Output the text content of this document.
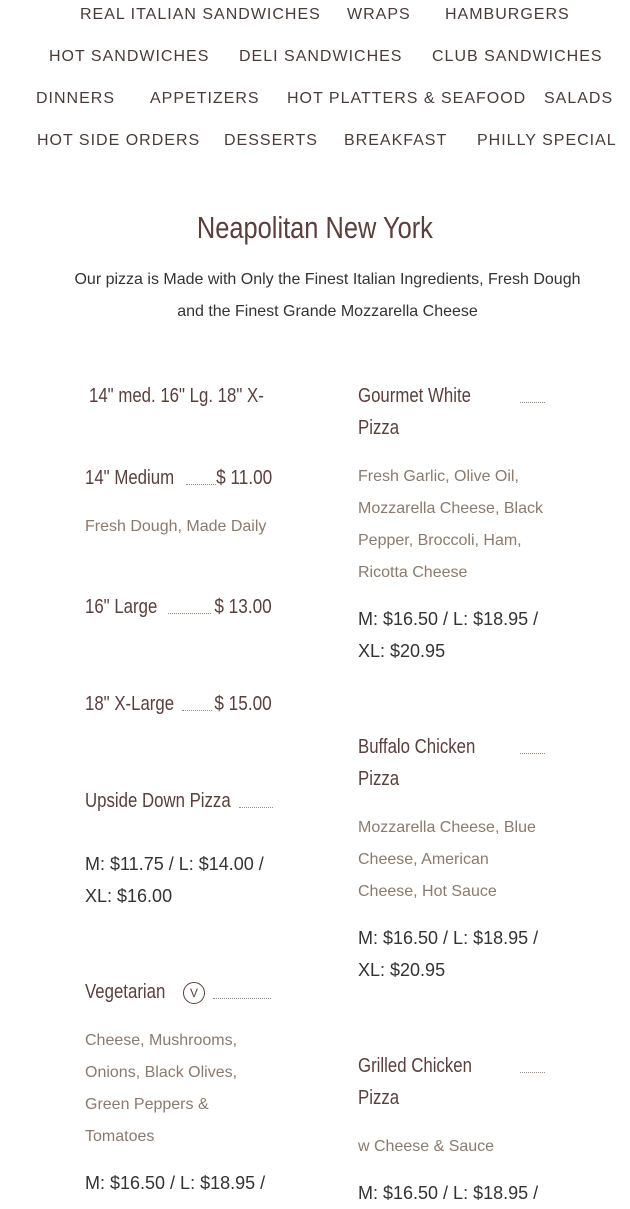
REAL ITALIAN SANDWICHES WRAPS HAMBURGERS
HOT SANDWICHES DELI SANDWICHES CLUB SANDWICHES
DINNERS APPETIZERS HOT PLATTERS & SEAFOOD SALADS
HOT SIDE ORDERS DESSERTS BREAKFAST PHILLY SPECIAL
Neapolitan New York
Our pizza is Made with Only the Finest Italian Ingredients, Fresh Dough
and the Finest Grande Mozzarella Cheese
14" med. 16" Lg. 18" X-
14" Medium	$ 11.00
Fresh Dough, Made Daily
16" Large	$ 13.00
18" X-Large	$ 15.00
Upside Down Pizza
M: $11.75 / L: $14.00 /
XL: $16.00
Vegetarian	V
Cheese, Mushrooms,
Onions, Black Olives,
Green Peppers &
Tomatoes
M: $16.50 / L: $18.95 /
Gourmet White
Pizza
Fresh Garlic, Olive Oil,
Mozzarella Cheese, Black
Pepper, Broccoli, Ham,
Ricotta Cheese
M: $16.50 / L: $18.95 /
XL: $20.95
Buffalo Chicken
Pizza
Mozzarella Cheese, Blue
Cheese, American
Cheese, Hot Sauce
M: $16.50 / L: $18.95 /
XL: $20.95
Grilled Chicken
Pizza
w Cheese & Sauce
M: $16.50 / L: $18.95 /
